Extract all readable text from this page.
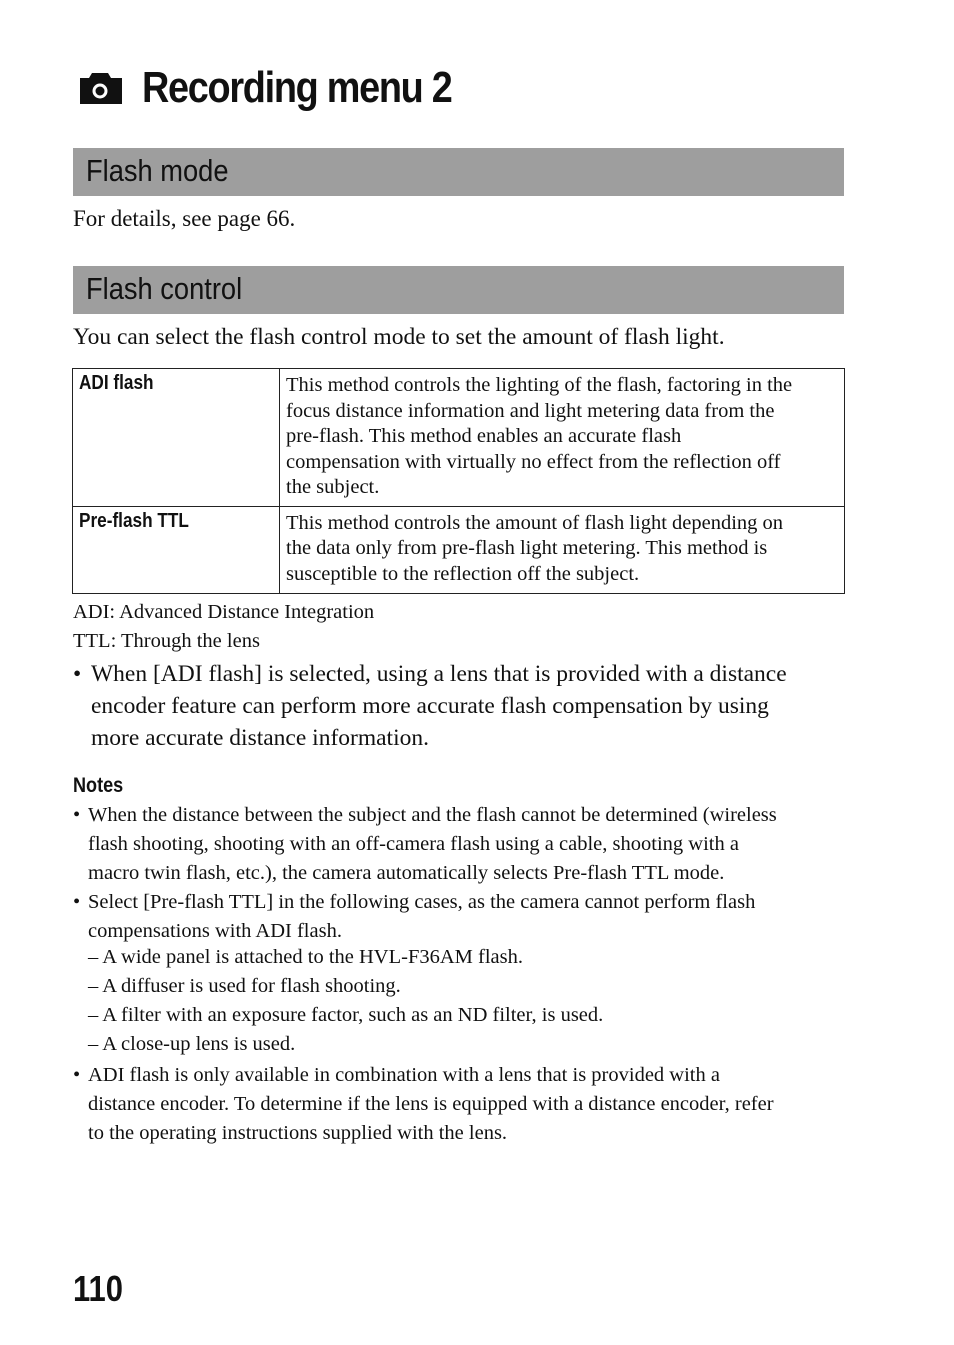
Recording menu 2
Flash mode
For details, see page 66.
Flash control
You can select the flash control mode to set the amount of flash light.
ADI flash	This method controls the lighting of the flash, factoring in the
focus distance information and light metering data from the
pre-flash. This method enables an accurate flash
compensation with virtually no effect from the reflection off
the subject.

Pre-flash TTL	This method controls the amount of flash light depending on
the data only from pre-flash light metering. This method is
susceptible to the reflection off the subject.
ADI: Advanced Distance Integration
TTL: Through the lens
• When [ADI flash] is selected, using a lens that is provided with a distance
encoder feature can perform more accurate flash compensation by using
more accurate distance information.
Notes
• When the distance between the subject and the flash cannot be determined (wireless
flash shooting, shooting with an off-camera flash using a cable, shooting with a
macro twin flash, etc.), the camera automatically selects Pre-flash TTL mode.
• Select [Pre-flash TTL] in the following cases, as the camera cannot perform flash
compensations with ADI flash.
– A wide panel is attached to the HVL-F36AM flash.
– A diffuser is used for flash shooting.
– A filter with an exposure factor, such as an ND filter, is used.
– A close-up lens is used.
• ADI flash is only available in combination with a lens that is provided with a
distance encoder. To determine if the lens is equipped with a distance encoder, refer
to the operating instructions supplied with the lens.
110
